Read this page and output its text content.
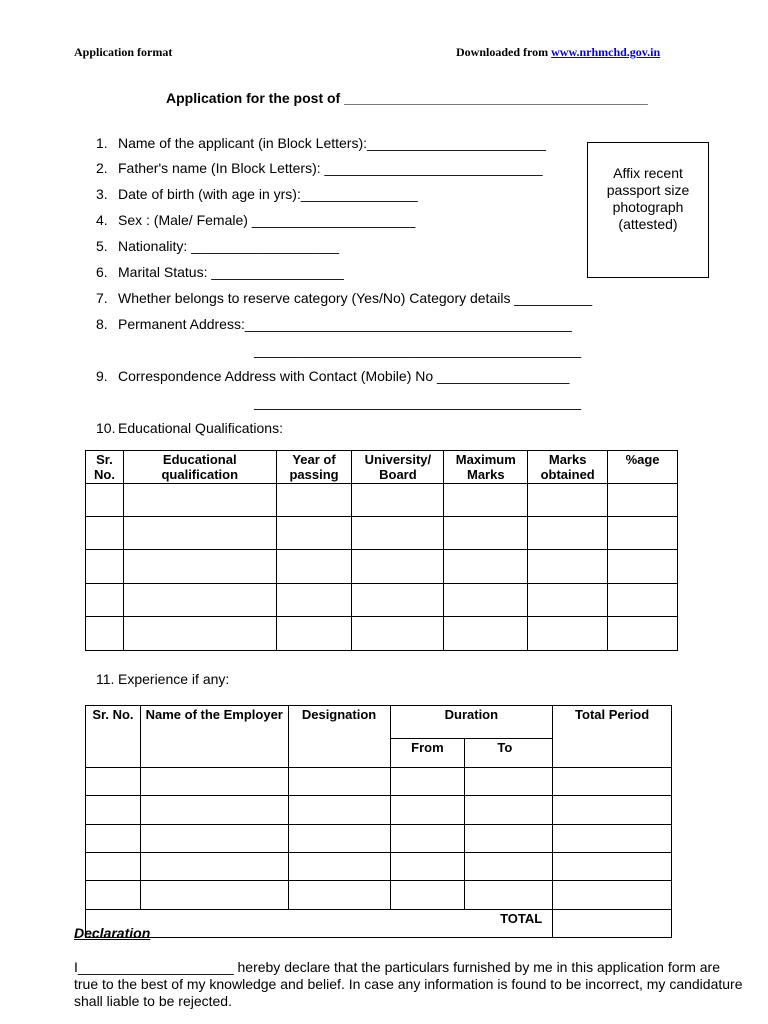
Application format	Downloaded from www.nrhmchd.gov.in
Application for the post of _______________________________________
1. Name of the applicant (in Block Letters):_______________________
2. Father's name (In Block Letters): ____________________________
3. Date of birth (with age in yrs):_______________
4. Sex : (Male/ Female) _____________________
5. Nationality: ___________________
6. Marital Status: _________________
7. Whether belongs to reserve category (Yes/No) Category details __________
8. Permanent Address:__________________________________________
__________________________________________
9. Correspondence Address with Contact (Mobile) No _________________
__________________________________________
10. Educational Qualifications:
Affix recent
passport size
photograph
(attested)
Sr. No.	Educational qualification	Year of passing	University/ Board	Maximum Marks	Marks obtained	%age

11. Experience if any:
Sr. No.	Name of the Employer	Designation	Duration		Total Period
			From	To	

TOTAL					
Declaration
I____________________ hereby declare that the particulars furnished by me in this application form are true to the best of my knowledge and belief. In case any information is found to be incorrect, my candidature shall liable to be rejected.
